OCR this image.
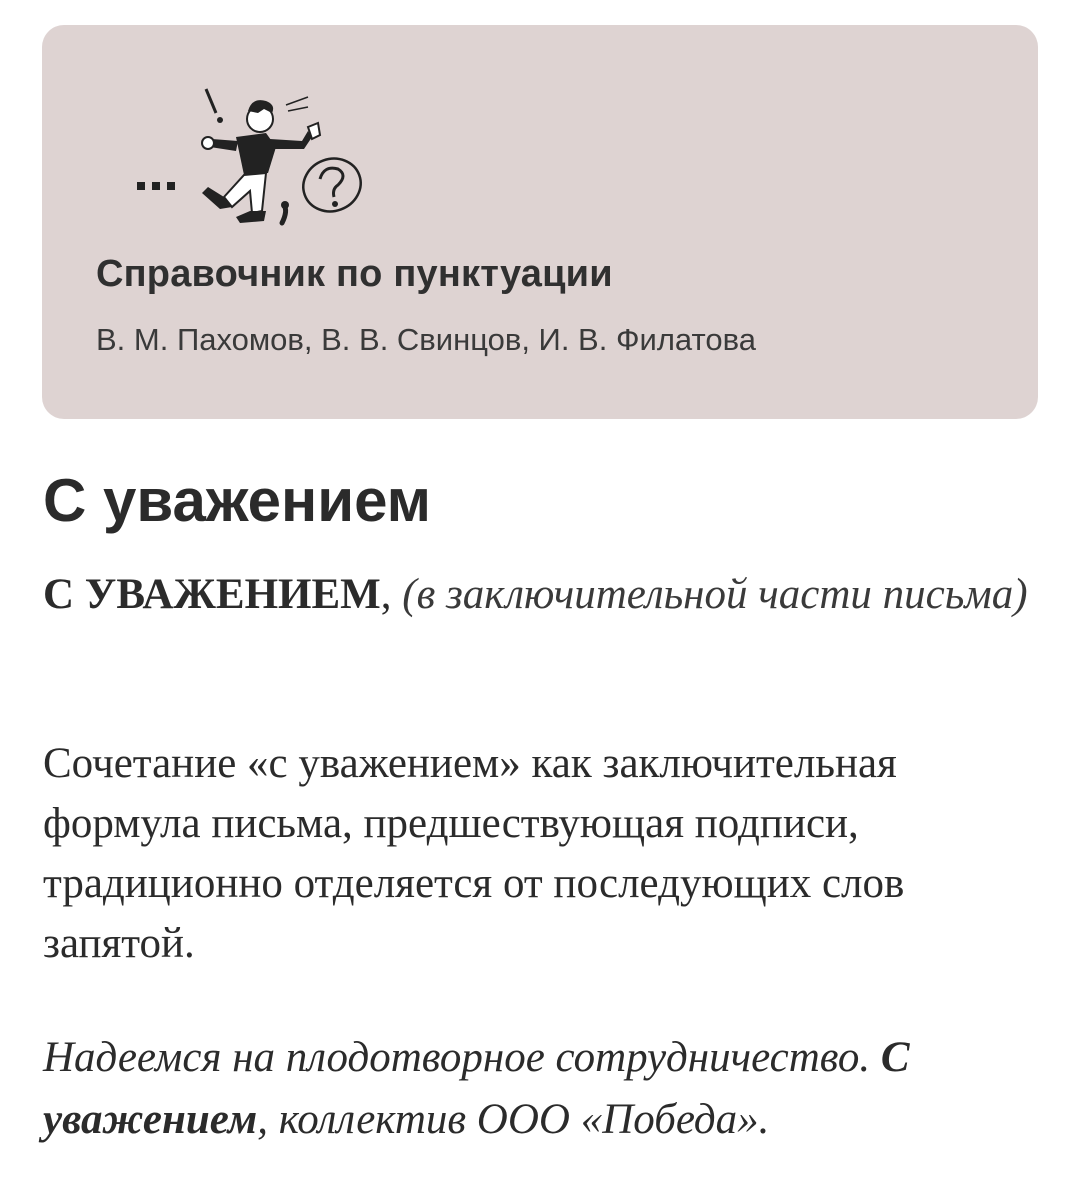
Справочник по пунктуации
В. М. Пахомов, В. В. Свинцов, И. В. Филатова
С уважением

С УВАЖЕНИЕМ, (в заключительной части письма)

Сочетание «с уважением» как заключительная формула письма, предшествующая подписи, традиционно отделяется от последующих слов запятой.

Надеемся на плодотворное сотрудничество. С уважением, коллектив ООО «Победа».
